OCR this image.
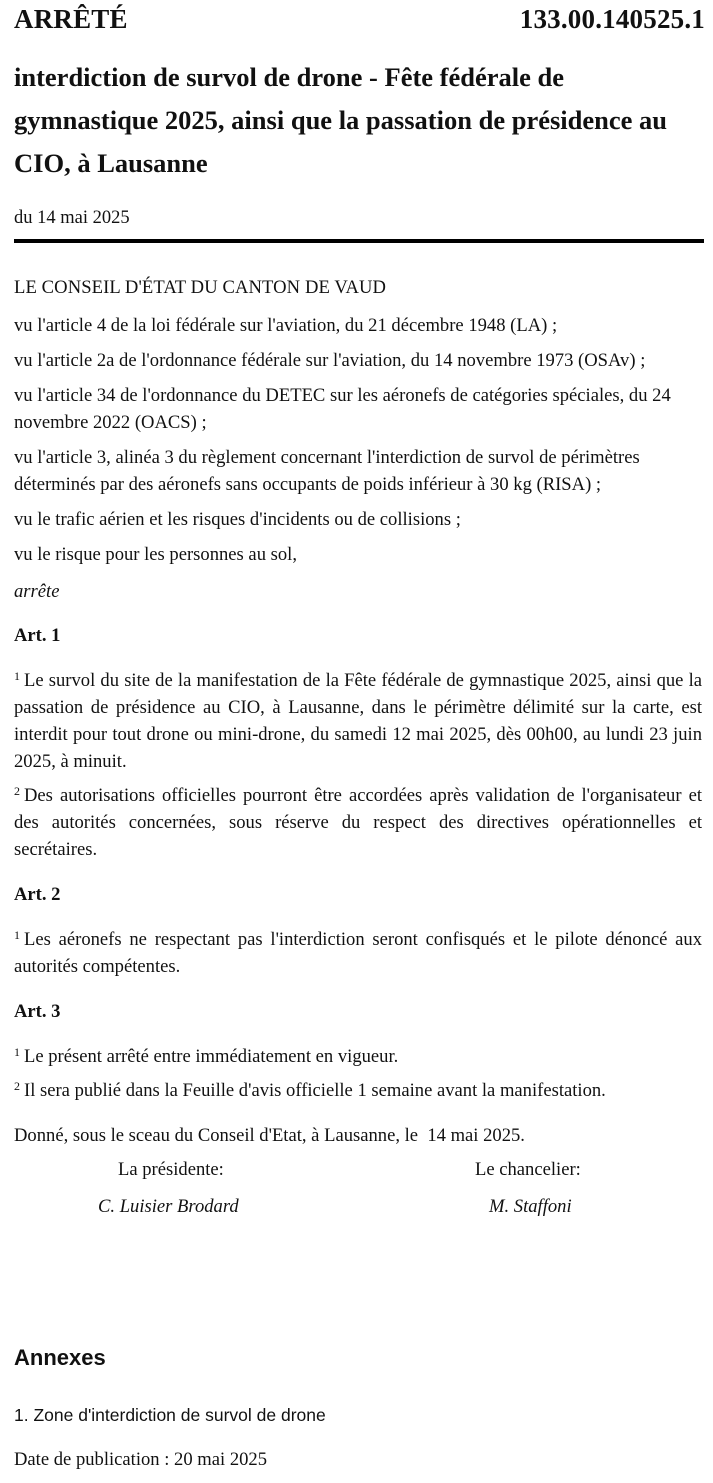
ARRÊTÉ	133.00.140525.1
interdiction de survol de drone - Fête fédérale de gymnastique 2025, ainsi que la passation de présidence au CIO, à Lausanne
du 14 mai 2025

LE CONSEIL D'ÉTAT DU CANTON DE VAUD

vu l'article 4 de la loi fédérale sur l'aviation, du 21 décembre 1948 (LA) ;

vu l'article 2a de l'ordonnance fédérale sur l'aviation, du 14 novembre 1973 (OSAv) ;

vu l'article 34 de l'ordonnance du DETEC sur les aéronefs de catégories spéciales, du 24 novembre 2022 (OACS) ;

vu l'article 3, alinéa 3 du règlement concernant l'interdiction de survol de périmètres déterminés par des aéronefs sans occupants de poids inférieur à 30 kg (RISA) ;

vu le trafic aérien et les risques d'incidents ou de collisions ;

vu le risque pour les personnes au sol,

arrête

Art. 1

$^1$ Le survol du site de la manifestation de la Fête fédérale de gymnastique 2025, ainsi que la passation de présidence au CIO, à Lausanne, dans le périmètre délimité sur la carte, est interdit pour tout drone ou mini-drone, du samedi 12 mai 2025, dès 00h00, au lundi 23 juin 2025, à minuit.

$^2$ Des autorisations officielles pourront être accordées après validation de l'organisateur et des autorités concernées, sous réserve du respect des directives opérationnelles et secrétaires.

Art. 2

$^1$ Les aéronefs ne respectant pas l'interdiction seront confisqués et le pilote dénoncé aux autorités compétentes.

Art. 3

$^1$ Le présent arrêté entre immédiatement en vigueur.

$^2$ Il sera publié dans la Feuille d'avis officielle 1 semaine avant la manifestation.

Donné, sous le sceau du Conseil d'Etat, à Lausanne, le  14 mai 2025.

La présidente:	Le chancelier:
C. Luisier Brodard	M. Staffoni
Annexes
1. Zone d'interdiction de survol de drone
Date de publication : 20 mai 2025
